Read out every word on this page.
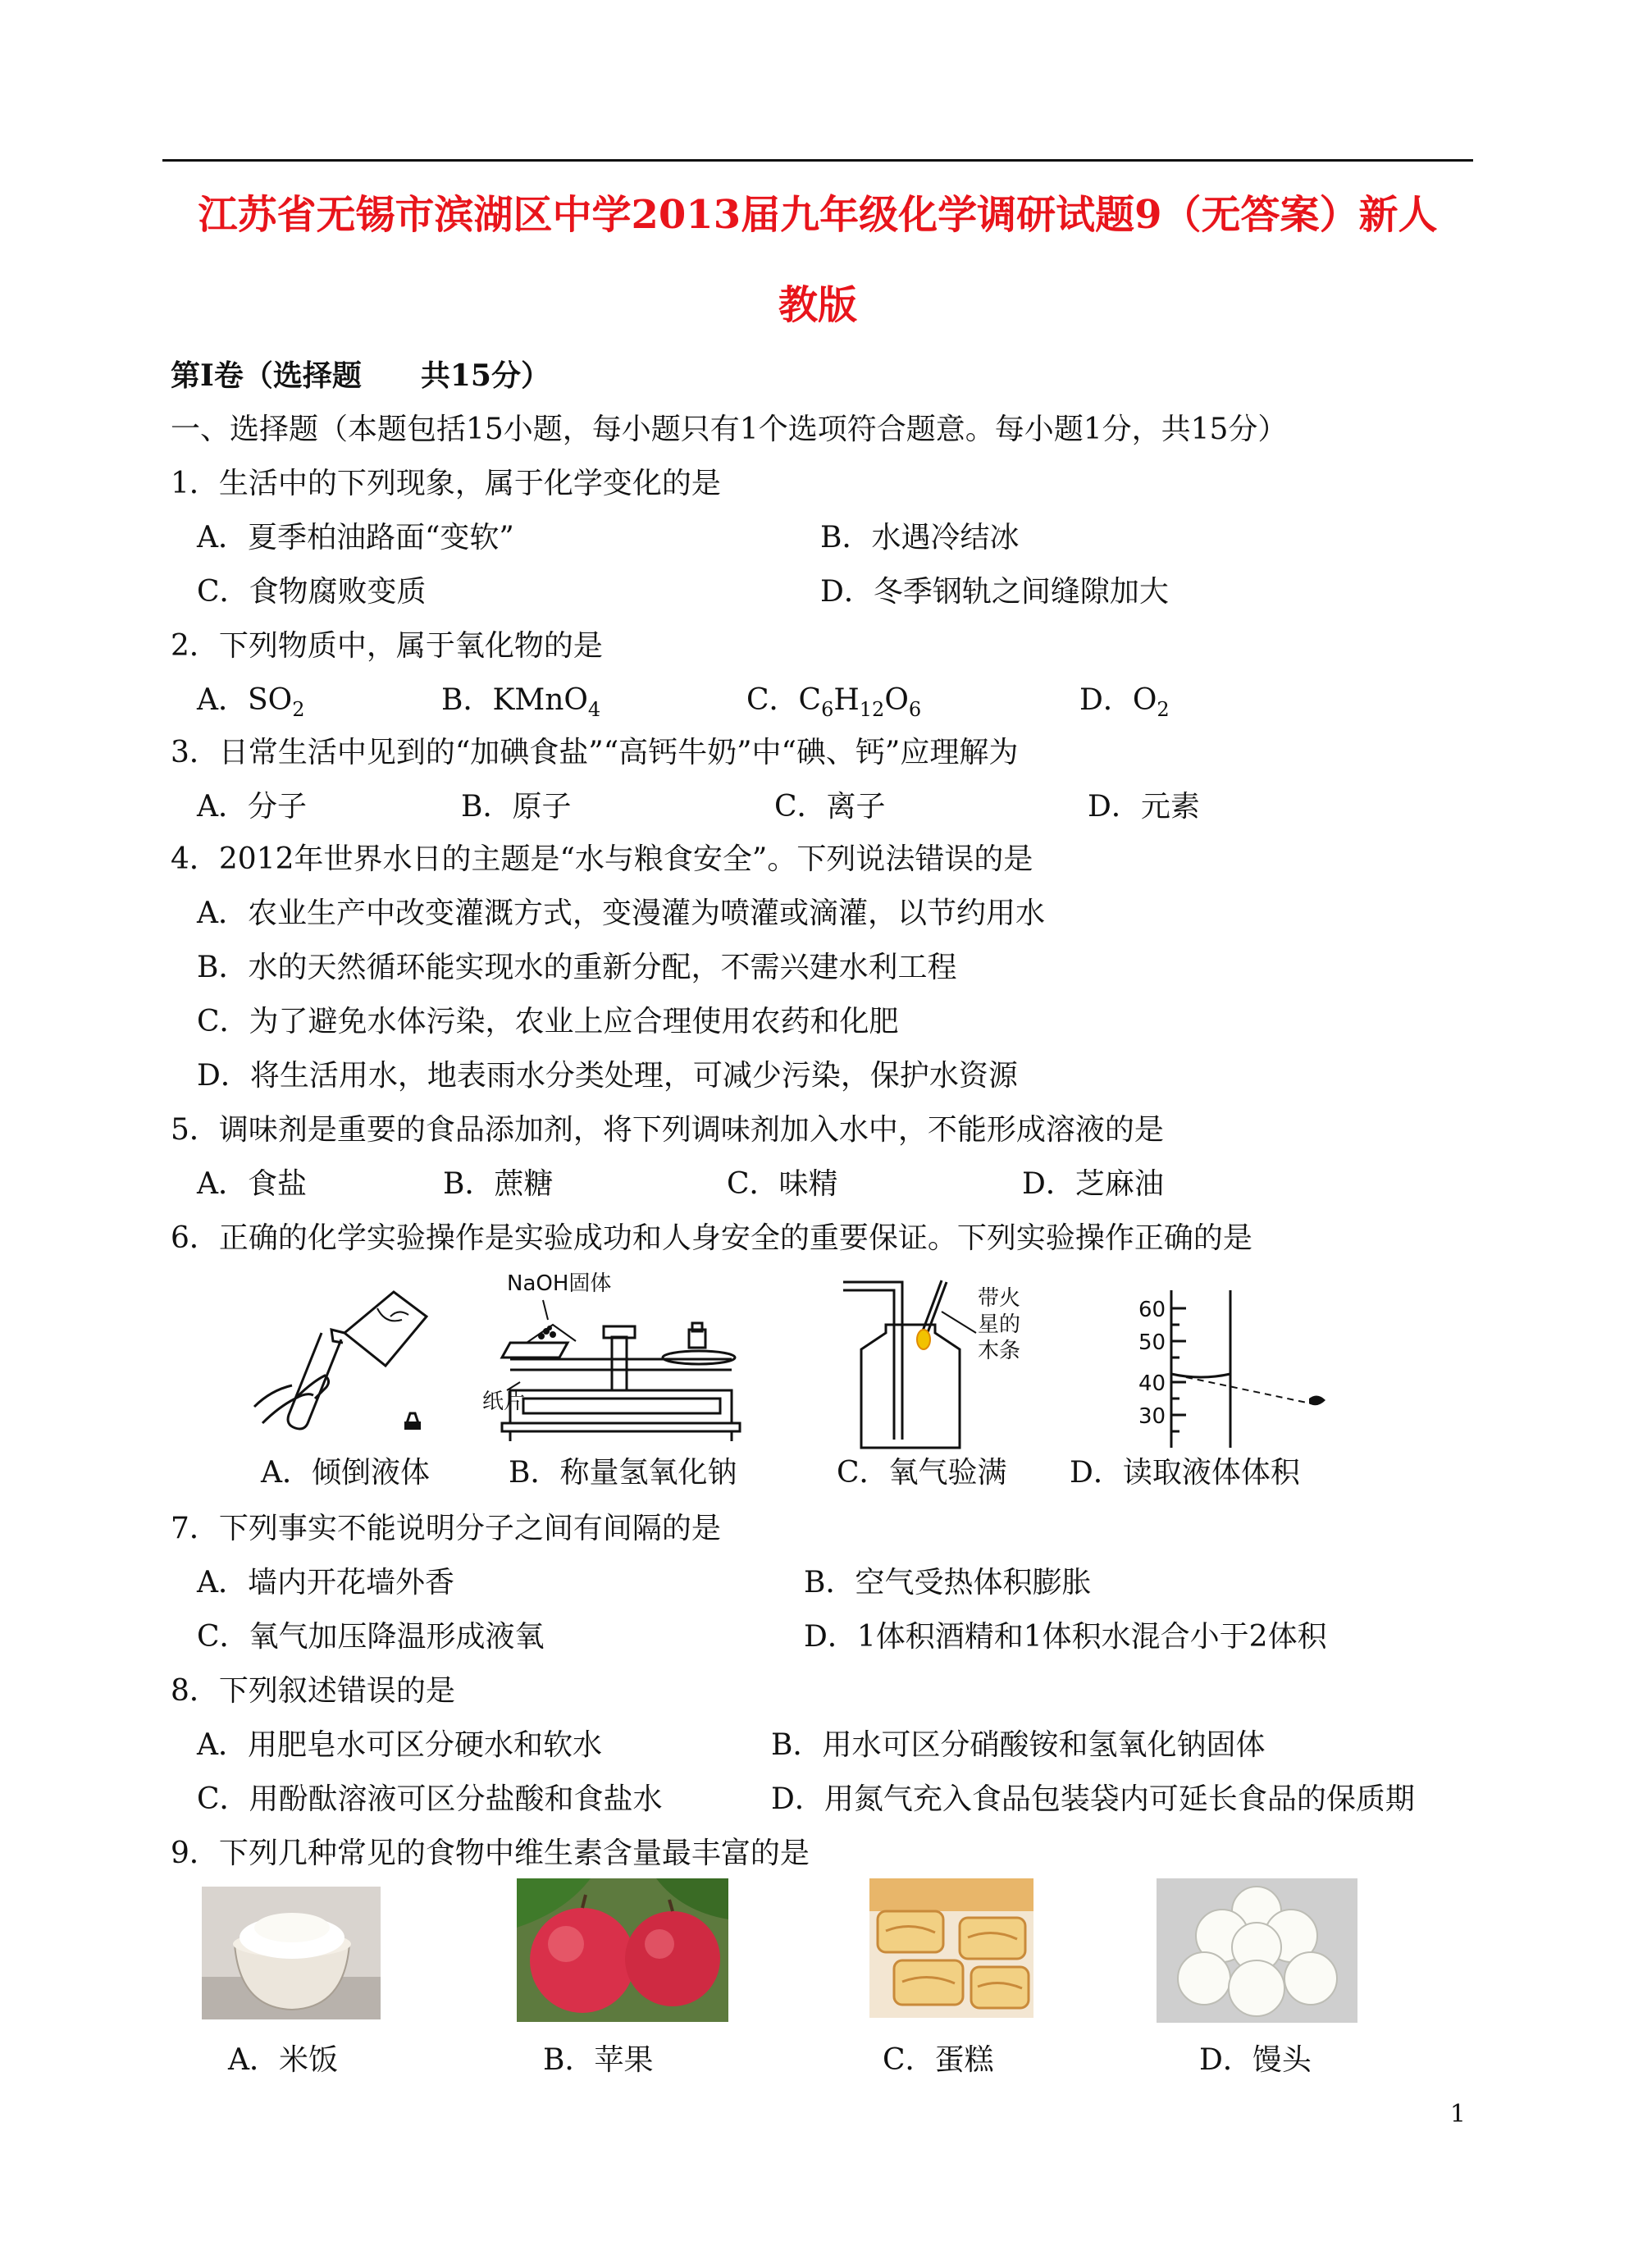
江苏省无锡市滨湖区中学2013届九年级化学调研试题9（无答案）新人
教版
第Ⅰ卷（选择题　　共15分）
一、选择题（本题包括15小题，每小题只有1个选项符合题意。每小题1分，共15分）
1．生活中的下列现象，属于化学变化的是
A．夏季柏油路面“变软”	B．水遇冷结冰
C．食物腐败变质	D．冬季钢轨之间缝隙加大
2．下列物质中，属于氧化物的是
A．$SO_2$	B．KMnO$_4$	C．$C_6H_{12}O_6$	D．$O_2$
3．日常生活中见到的“加碘食盐”“高钙牛奶”中“碘、钙”应理解为
A．分子	B．原子	C．离子	D．元素
4．2012年世界水日的主题是“水与粮食安全”。下列说法错误的是
A．农业生产中改变灌溉方式，变漫灌为喷灌或滴灌，以节约用水
B．水的天然循环能实现水的重新分配，不需兴建水利工程
C．为了避免水体污染，农业上应合理使用农药和化肥
D．将生活用水，地表雨水分类处理，可减少污染，保护水资源
5．调味剂是重要的食品添加剂，将下列调味剂加入水中，不能形成溶液的是
A．食盐	B．蔗糖	C．味精	D．芝麻油
6．正确的化学实验操作是实验成功和人身安全的重要保证。下列实验操作正确的是
NaOH固体
纸片
带火
星的
木条
60
50
40
30
A．倾倒液体	B．称量氢氧化钠	C．氧气验满 D．读取液体体积
7．下列事实不能说明分子之间有间隔的是
A．墙内开花墙外香	B．空气受热体积膨胀
C．氧气加压降温形成液氧	D．1体积酒精和1体积水混合小于2体积
8．下列叙述错误的是
A．用肥皂水可区分硬水和软水	B．用水可区分硝酸铵和氢氧化钠固体
C．用酚酞溶液可区分盐酸和食盐水	D．用氮气充入食品包装袋内可延长食品的保质期
9．下列几种常见的食物中维生素含量最丰富的是
A．米饭	B．苹果	C．蛋糕	D．馒头
1
